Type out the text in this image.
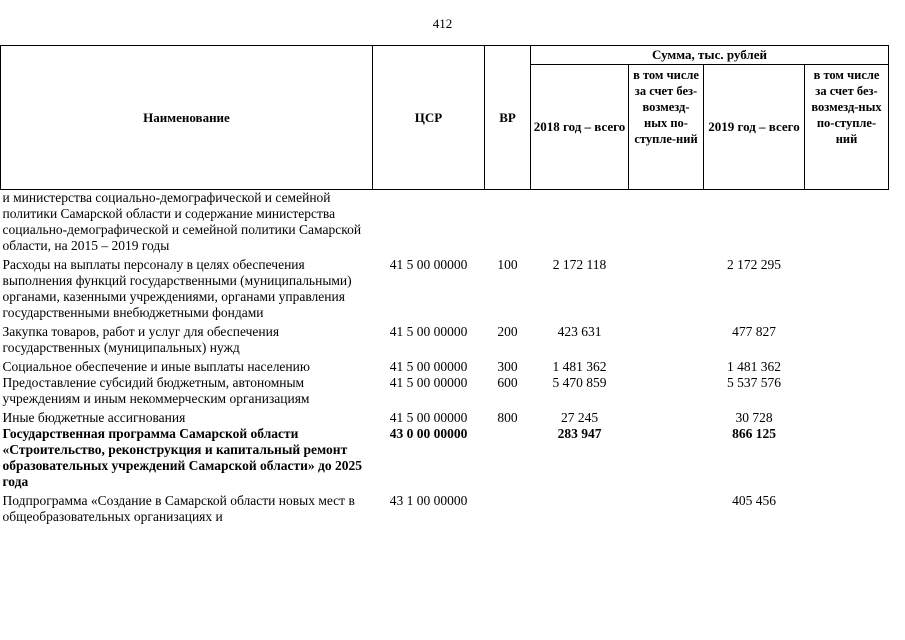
412
Наименование	ЦСР	ВР	Сумма, тыс. рублей			
			2018 год – всего	в том числе за счет без-возмезд-ных по-ступле-ний	2019 год – всего	в том числе за счет без-возмезд-ных по-ступле-ний
и министерства социально-демографической и семейной политики Самарской области и содержание министерства социально-демографической и семейной политики Самарской области, на 2015 – 2019 годы						

Расходы на выплаты персоналу в целях обеспечения выполнения функций государственными (муниципальными) органами, казенными учреждениями, органами управления государственными внебюджетными фондами	41 5 00 00000	100	2 172 118		2 172 295	

Закупка товаров, работ и услуг для обеспечения государственных (муниципальных) нужд	41 5 00 00000	200	423 631		477 827	

Социальное обеспечение и иные выплаты населению	41 5 00 00000	300	1 481 362		1 481 362	
Предоставление субсидий бюджетным, автономным учреждениям и иным некоммерческим организациям	41 5 00 00000	600	5 470 859		5 537 576	

Иные бюджетные ассигнования	41 5 00 00000	800	27 245		30 728	
Государственная программа Самарской области «Строительство, реконструкция и капитальный ремонт образовательных учреждений Самарской области» до 2025 года	43 0 00 00000		283 947		866 125	

Подпрограмма «Создание в Самарской области новых мест в общеобразовательных организациях и	43 1 00 00000				405 456	
